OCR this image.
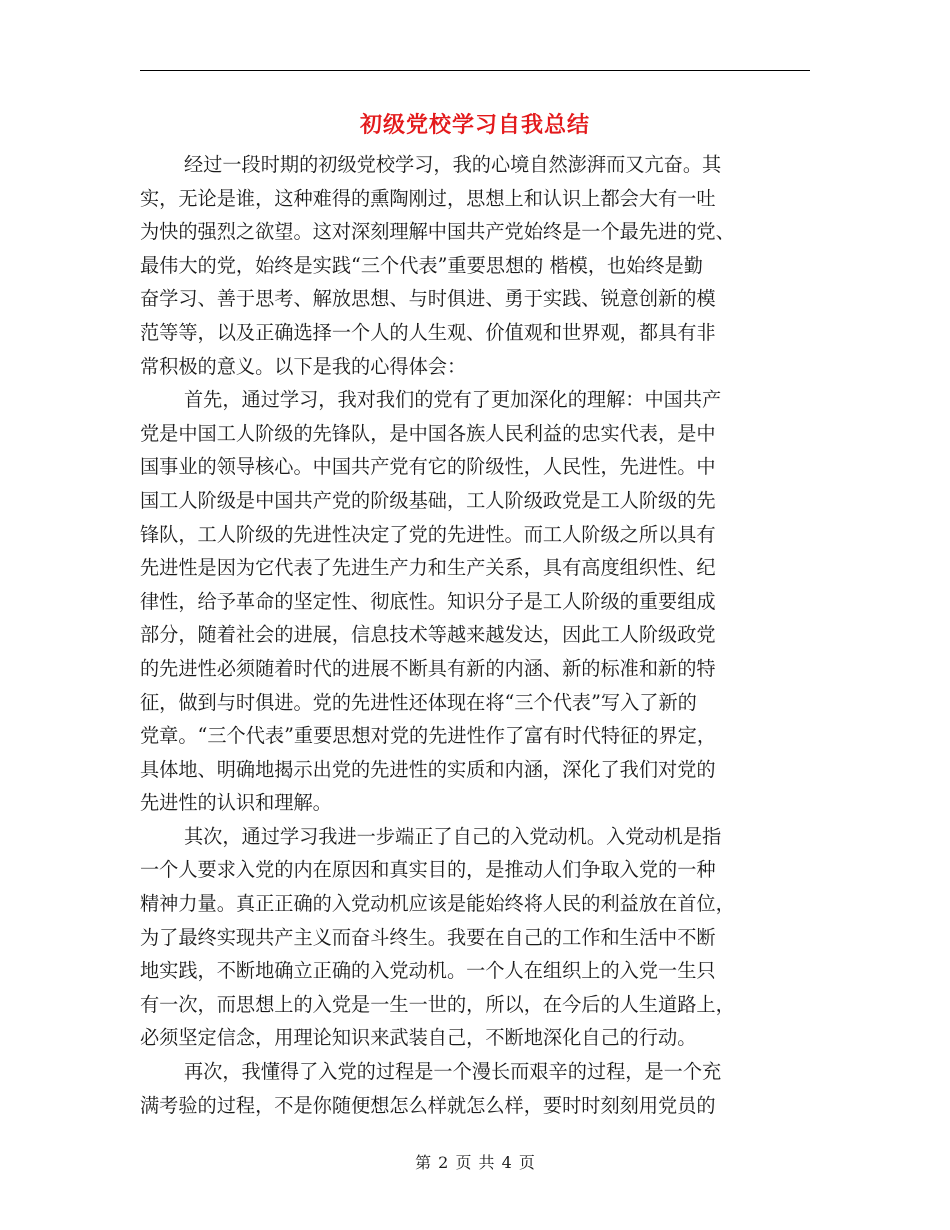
初级党校学习自我总结
经过一段时期的初级党校学习，我的心境自然澎湃而又亢奋。其
实，无论是谁，这种难得的熏陶刚过，思想上和认识上都会大有一吐
为快的强烈之欲望。这对深刻理解中国共产党始终是一个最先进的党、
最伟大的党，始终是实践“三个代表”重要思想的 楷模，也始终是勤
奋学习、善于思考、解放思想、与时俱进、勇于实践、锐意创新的模
范等等，以及正确选择一个人的人生观、价值观和世界观，都具有非
常积极的意义。以下是我的心得体会：
首先，通过学习，我对我们的党有了更加深化的理解：中国共产
党是中国工人阶级的先锋队，是中国各族人民利益的忠实代表，是中
国事业的领导核心。中国共产党有它的阶级性，人民性，先进性。中
国工人阶级是中国共产党的阶级基础，工人阶级政党是工人阶级的先
锋队，工人阶级的先进性决定了党的先进性。而工人阶级之所以具有
先进性是因为它代表了先进生产力和生产关系，具有高度组织性、纪
律性，给予革命的坚定性、彻底性。知识分子是工人阶级的重要组成
部分，随着社会的进展，信息技术等越来越发达，因此工人阶级政党
的先进性必须随着时代的进展不断具有新的内涵、新的标准和新的特
征，做到与时俱进。党的先进性还体现在将“三个代表”写入了新的
党章。“三个代表”重要思想对党的先进性作了富有时代特征的界定，
具体地、明确地揭示出党的先进性的实质和内涵，深化了我们对党的
先进性的认识和理解。
其次，通过学习我进一步端正了自己的入党动机。入党动机是指
一个人要求入党的内在原因和真实目的，是推动人们争取入党的一种
精神力量。真正正确的入党动机应该是能始终将人民的利益放在首位，
为了最终实现共产主义而奋斗终生。我要在自己的工作和生活中不断
地实践，不断地确立正确的入党动机。一个人在组织上的入党一生只
有一次，而思想上的入党是一生一世的，所以，在今后的人生道路上，
必须坚定信念，用理论知识来武装自己，不断地深化自己的行动。
再次，我懂得了入党的过程是一个漫长而艰辛的过程，是一个充
满考验的过程，不是你随便想怎么样就怎么样，要时时刻刻用党员的
第 2 页 共 4 页
